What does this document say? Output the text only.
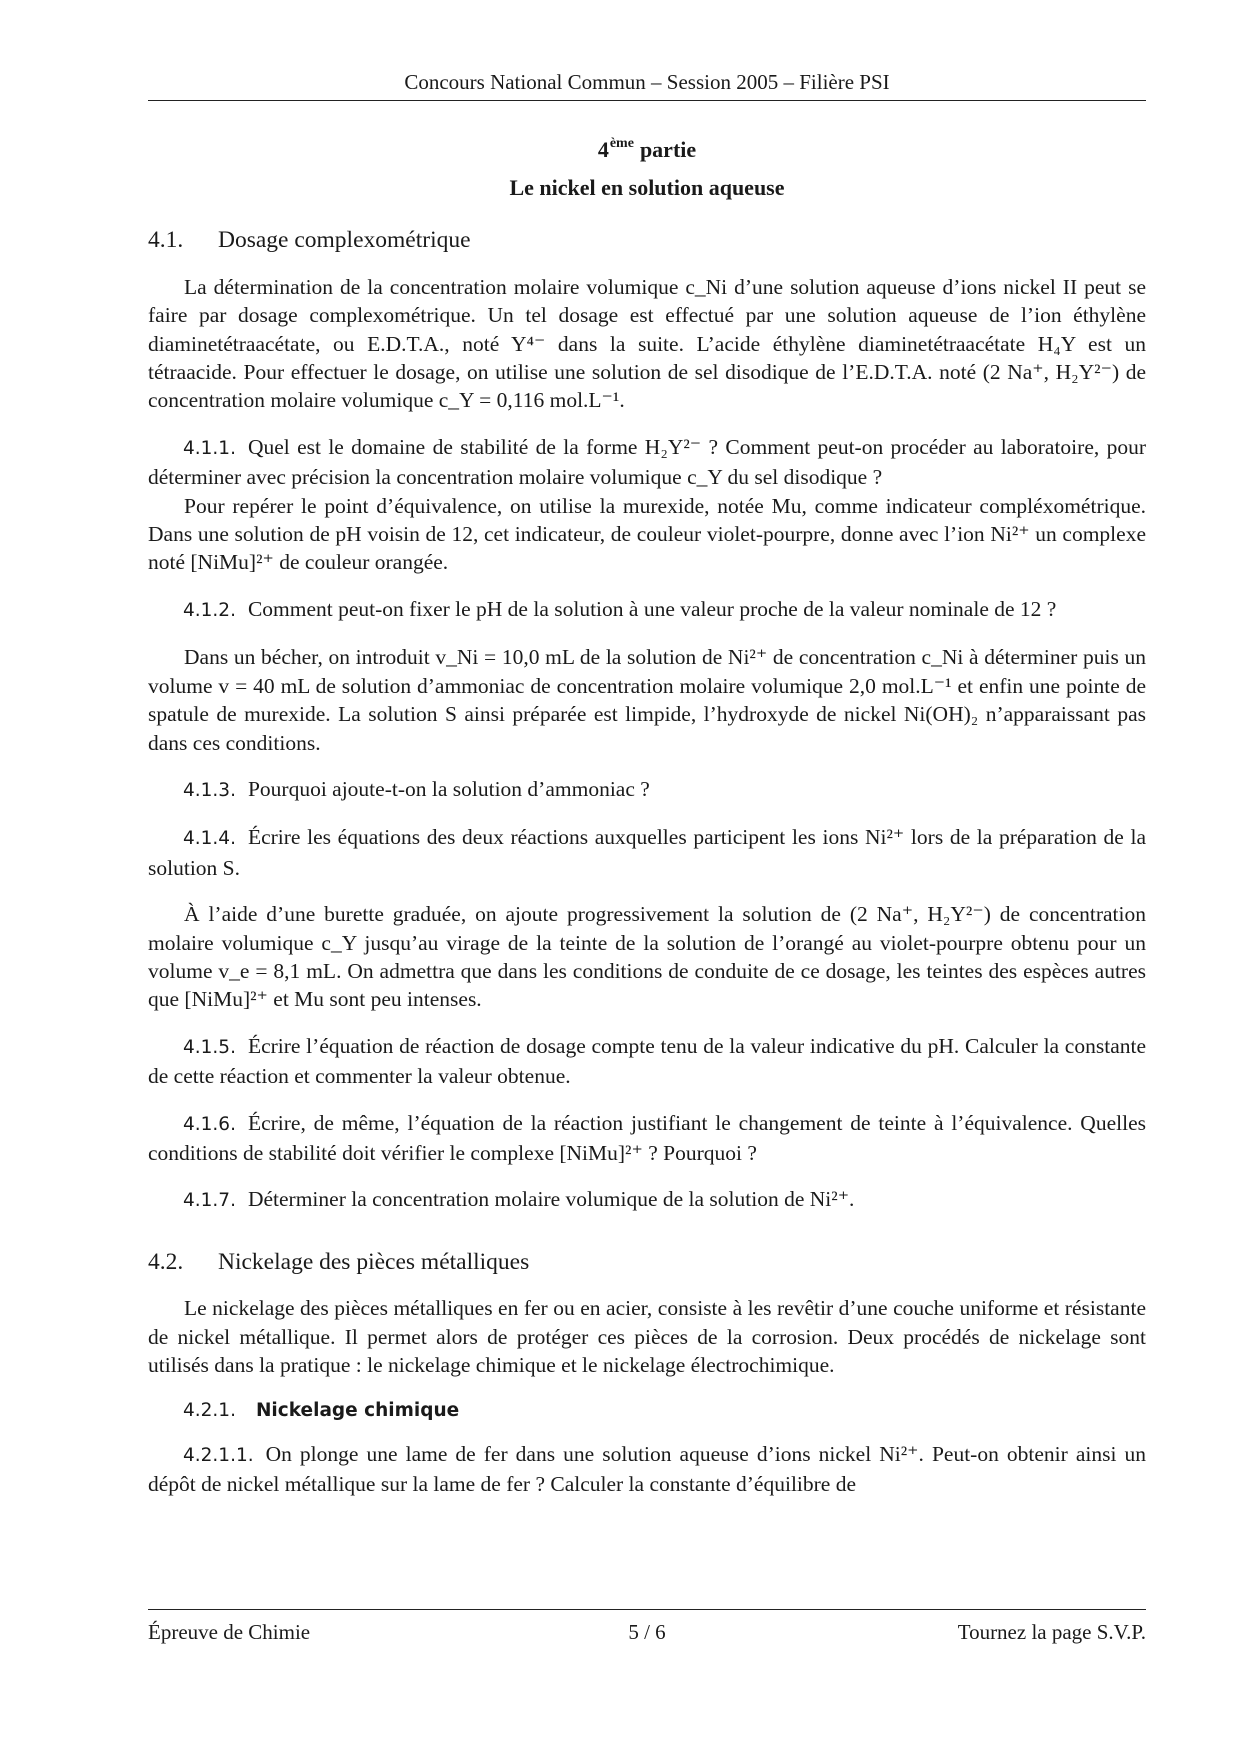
Concours National Commun – Session 2005 – Filière PSI

4ème partie

Le nickel en solution aqueuse

4.1. Dosage complexométrique

La détermination de la concentration molaire volumique c_Ni d’une solution aqueuse d’ions nickel II peut se faire par dosage complexométrique. Un tel dosage est effectué par une solution aqueuse de l’ion éthylène diaminetétraacétate, ou E.D.T.A., noté Y⁴⁻ dans la suite. L’acide éthylène diaminetétraacétate H₄Y est un tétraacide. Pour effectuer le dosage, on utilise une solution de sel disodique de l’E.D.T.A. noté (2 Na⁺, H₂Y²⁻) de concentration molaire volumique c_Y = 0,116 mol.L⁻¹.

4.1.1. Quel est le domaine de stabilité de la forme H₂Y²⁻ ? Comment peut-on procéder au laboratoire, pour déterminer avec précision la concentration molaire volumique c_Y du sel disodique ?

Pour repérer le point d’équivalence, on utilise la murexide, notée Mu, comme indicateur compléxométrique. Dans une solution de pH voisin de 12, cet indicateur, de couleur violet-pourpre, donne avec l’ion Ni²⁺ un complexe noté [NiMu]²⁺ de couleur orangée.

4.1.2. Comment peut-on fixer le pH de la solution à une valeur proche de la valeur nominale de 12 ?

Dans un bécher, on introduit v_Ni = 10,0 mL de la solution de Ni²⁺ de concentration c_Ni à déterminer puis un volume v = 40 mL de solution d’ammoniac de concentration molaire volumique 2,0 mol.L⁻¹ et enfin une pointe de spatule de murexide. La solution S ainsi préparée est limpide, l’hydroxyde de nickel Ni(OH)₂ n’apparaissant pas dans ces conditions.

4.1.3. Pourquoi ajoute-t-on la solution d’ammoniac ?

4.1.4. Écrire les équations des deux réactions auxquelles participent les ions Ni²⁺ lors de la préparation de la solution S.

À l’aide d’une burette graduée, on ajoute progressivement la solution de (2 Na⁺, H₂Y²⁻) de concentration molaire volumique c_Y jusqu’au virage de la teinte de la solution de l’orangé au violet-pourpre obtenu pour un volume v_e = 8,1 mL. On admettra que dans les conditions de conduite de ce dosage, les teintes des espèces autres que [NiMu]²⁺ et Mu sont peu intenses.

4.1.5. Écrire l’équation de réaction de dosage compte tenu de la valeur indicative du pH. Calculer la constante de cette réaction et commenter la valeur obtenue.

4.1.6. Écrire, de même, l’équation de la réaction justifiant le changement de teinte à l’équivalence. Quelles conditions de stabilité doit vérifier le complexe [NiMu]²⁺ ? Pourquoi ?

4.1.7. Déterminer la concentration molaire volumique de la solution de Ni²⁺.

4.2. Nickelage des pièces métalliques

Le nickelage des pièces métalliques en fer ou en acier, consiste à les revêtir d’une couche uniforme et résistante de nickel métallique. Il permet alors de protéger ces pièces de la corrosion. Deux procédés de nickelage sont utilisés dans la pratique : le nickelage chimique et le nickelage électrochimique.

4.2.1. Nickelage chimique

4.2.1.1. On plonge une lame de fer dans une solution aqueuse d’ions nickel Ni²⁺. Peut-on obtenir ainsi un dépôt de nickel métallique sur la lame de fer ? Calculer la constante d’équilibre de

Épreuve de Chimie	5 / 6	Tournez la page S.V.P.
